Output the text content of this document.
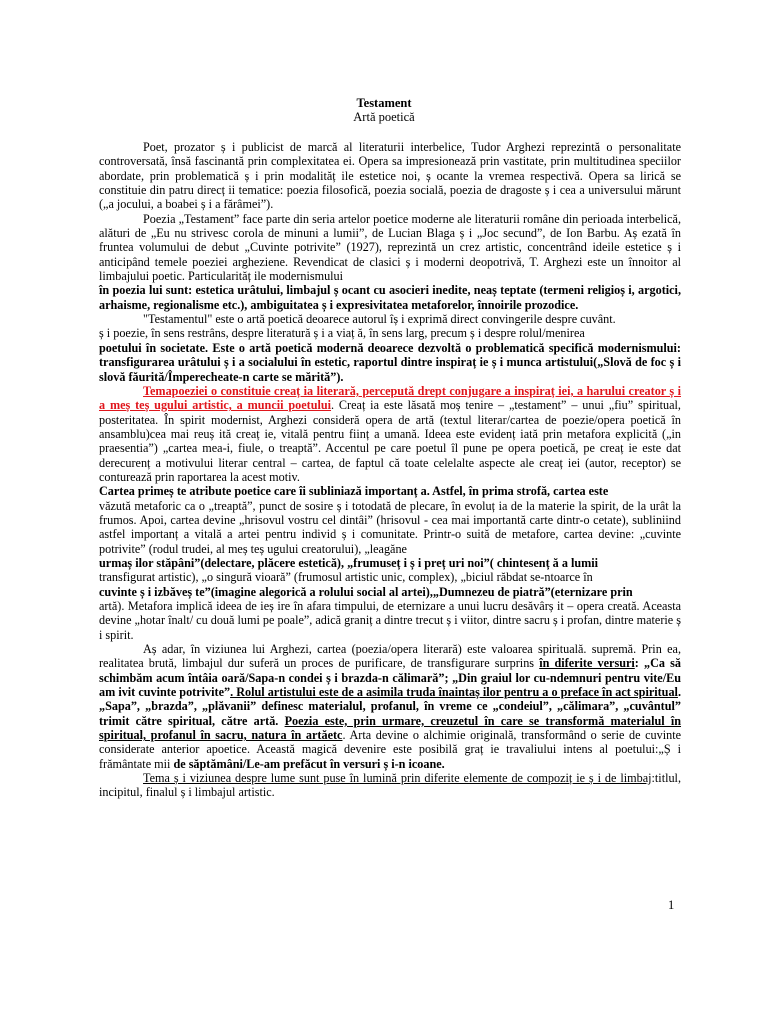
Testament
Artă poetică

Poet, prozator ș i publicist de marcă al literaturii interbelice, Tudor Arghezi reprezintă o personalitate controversată, însă fascinantă prin complexitatea ei. Opera sa impresionează prin vastitate, prin multitudinea speciilor abordate, prin problematică ș i prin modalităț ile estetice noi, ș ocante la vremea respectivă. Opera sa lirică se constituie din patru direcț ii tematice: poezia filosofică, poezia socială, poezia de dragoste ș i cea a universului mărunt („a jocului, a boabei ș i a fărâmei”).

Poezia „Testament” face parte din seria artelor poetice moderne ale literaturii române din perioada interbelică, alături de „Eu nu strivesc corola de minuni a lumii”, de Lucian Blaga ș i „Joc secund”, de Ion Barbu. Aș ezată în fruntea volumului de debut „Cuvinte potrivite” (1927), reprezintă un crez artistic, concentrând ideile estetice ș i anticipând temele poeziei argheziene. Revendicat de clasici ș i moderni deopotrivă, T. Arghezi este un înnoitor al limbajului poetic. Particularităț ile modernismului

în poezia lui sunt: estetica urâtului, limbajul ș ocant cu asocieri inedite, neaș teptate (termeni religioș i, argotici, arhaisme, regionalisme etc.), ambiguitatea ș i expresivitatea metaforelor, înnoirile prozodice.

"Testamentul" este o artă poetică deoarece autorul îș i exprimă direct convingerile despre cuvânt.

ș i poezie, în sens restrâns, despre literatură ș i a viaț ă, în sens larg, precum ș i despre rolul/menirea

poetului în societate. Este o artă poetică modernă deoarece dezvoltă o problematică specifică modernismului: transfigurarea urâtului ș i a socialului în estetic, raportul dintre inspiraț ie ș i munca artistului(„Slovă de foc ș i slovă făurită/Împerecheate-n carte se mărită”).

Temapoeziei o constituie creaț ia literară, percepută drept conjugare a inspiraț iei, a harului creator ș i a meș teș ugului artistic, a muncii poetului. Creaț ia este lăsată moș tenire – „testament” – unui „fiu” spiritual, posteritatea. În spirit modernist, Arghezi consideră opera de artă (textul literar/cartea de poezie/opera poetică în ansamblu)cea mai reuș ită creaț ie, vitală pentru ființ a umană. Ideea este evidenț iată prin metafora explicită („in praesentia”) „cartea mea-i, fiule, o treaptă”. Accentul pe care poetul îl pune pe opera poetică, pe creaț ie este dat derecurenț a motivului literar central – cartea, de faptul că toate celelalte aspecte ale creaț iei (autor, receptor) se conturează prin raportarea la acest motiv.

Cartea primeș te atribute poetice care îi subliniază importanț a. Astfel, în prima strofă, cartea este

văzută metaforic ca o „treaptă”, punct de sosire ș i totodată de plecare, în evoluț ia de la materie la spirit, de la urât la frumos. Apoi, cartea devine „hrisovul vostru cel dintâi” (hrisovul - cea mai importantă carte dintr-o cetate), subliniind astfel importanț a vitală a artei pentru individ ș i comunitate. Printr-o suită de metafore, cartea devine: „cuvinte potrivite” (rodul trudei, al meș teș ugului creatorului), „leagăne

urmaș ilor stăpâni”(delectare, plăcere estetică), „frumuseț i ș i preț uri noi”( chintesenț ă a lumii

transfigurat artistic), „o singură vioară” (frumosul artistic unic, complex), „biciul răbdat se-ntoarce în

cuvinte ș i izbăveș te”(imagine alegorică a rolului social al artei),„Dumnezeu de piatră”(eternizare prin

artă). Metafora implică ideea de ieș ire în afara timpului, de eternizare a unui lucru desăvârș it – opera creată. Aceasta devine „hotar înalt/ cu două lumi pe poale”, adică graniț a dintre trecut ș i viitor, dintre sacru ș i profan, dintre materie ș i spirit.

Aș adar, în viziunea lui Arghezi, cartea (poezia/opera literară) este valoarea spirituală. supremă. Prin ea, realitatea brută, limbajul dur suferă un proces de purificare, de transfigurare surprins în diferite versuri: „Ca să schimbăm acum întâia oară/Sapa-n condei ș i brazda-n călimară”; „Din graiul lor cu-ndemnuri pentru vite/Eu am ivit cuvinte potrivite”. Rolul artistului este de a asimila truda înaintaș ilor pentru a o preface în act spiritual. „Sapa”, „brazda”, „plăvanii” definesc materialul, profanul, în vreme ce „condeiul”, „călimara”, „cuvântul” trimit către spiritual, către artă. Poezia este, prin urmare, creuzetul în care se transformă materialul în spiritual, profanul în sacru, natura în artăetc. Arta devine o alchimie originală, transformând o serie de cuvinte considerate anterior apoetice. Această magică devenire este posibilă graț ie travaliului intens al poetului:„Ș i frământate mii de săptămâni/Le-am prefăcut în versuri ș i-n icoane.

Tema ș i viziunea despre lume sunt puse în lumină prin diferite elemente de compoziț ie ș i de limbaj:titlul, incipitul, finalul ș i limbajul artistic.

1
